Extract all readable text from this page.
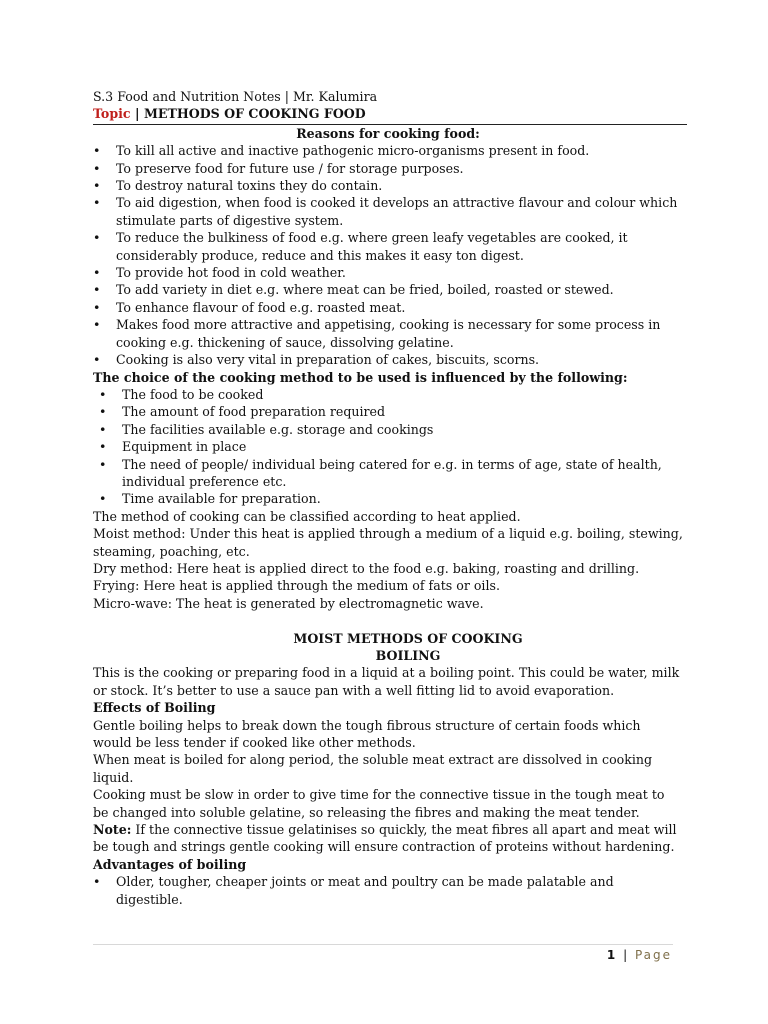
S.3 Food and Nutrition Notes | Mr. Kalumira

Topic | METHODS OF COOKING FOOD

Reasons for cooking food:

• To kill all active and inactive pathogenic micro-organisms present in food.
• To preserve food for future use / for storage purposes.
• To destroy natural toxins they do contain.
• To aid digestion, when food is cooked it develops an attractive flavour and colour which stimulate parts of digestive system.
• To reduce the bulkiness of food e.g. where green leafy vegetables are cooked, it considerably produce, reduce and this makes it easy ton digest.
• To provide hot food in cold weather.
• To add variety in diet e.g. where meat can be fried, boiled, roasted or stewed.
• To enhance flavour of food e.g. roasted meat.
• Makes food more attractive and appetising, cooking is necessary for some process in cooking e.g. thickening of sauce, dissolving gelatine.
• Cooking is also very vital in preparation of cakes, biscuits, scorns.

The choice of the cooking method to be used is influenced by the following:

• The food to be cooked
• The amount of food preparation required
• The facilities available e.g. storage and cookings
• Equipment in place
• The need of people/ individual being catered for e.g. in terms of age, state of health, individual preference etc.
• Time available for preparation.

The method of cooking can be classified according to heat applied.

Moist method: Under this heat is applied through a medium of a liquid e.g. boiling, stewing, steaming, poaching, etc.

Dry method: Here heat is applied direct to the food e.g. baking, roasting and drilling.

Frying: Here heat is applied through the medium of fats or oils.

Micro-wave: The heat is generated by electromagnetic wave.

MOIST METHODS OF COOKING

BOILING

This is the cooking or preparing food in a liquid at a boiling point. This could be water, milk or stock. It’s better to use a sauce pan with a well fitting lid to avoid evaporation.

Effects of Boiling

Gentle boiling helps to break down the tough fibrous structure of certain foods which would be less tender if cooked like other methods.

When meat is boiled for along period, the soluble meat extract are dissolved in cooking liquid.

Cooking must be slow in order to give time for the connective tissue in the tough meat to be changed into soluble gelatine, so releasing the fibres and making the meat tender.

Note: If the connective tissue gelatinises so quickly, the meat fibres all apart and meat will be tough and strings gentle cooking will ensure contraction of proteins without hardening.

Advantages of boiling

• Older, tougher, cheaper joints or meat and poultry can be made palatable and digestible.
1 | Page
